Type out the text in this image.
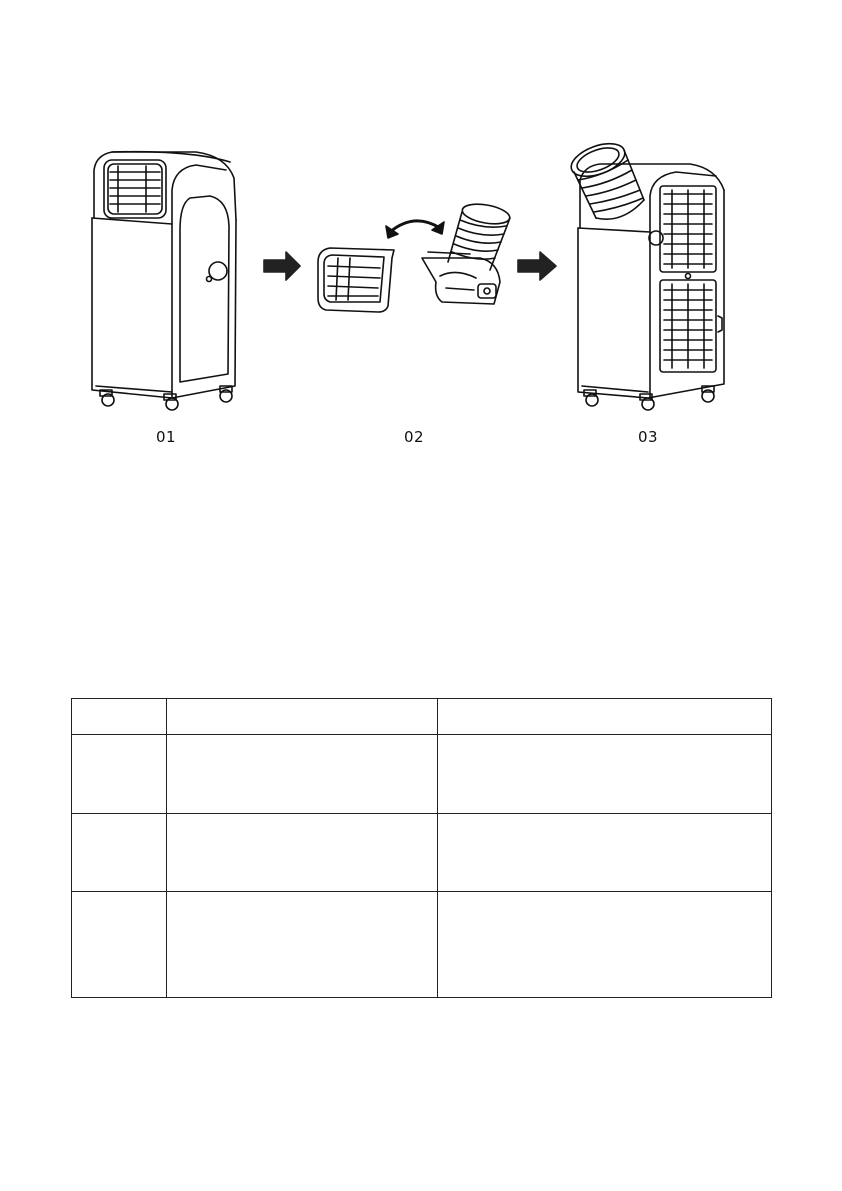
01	02	03
